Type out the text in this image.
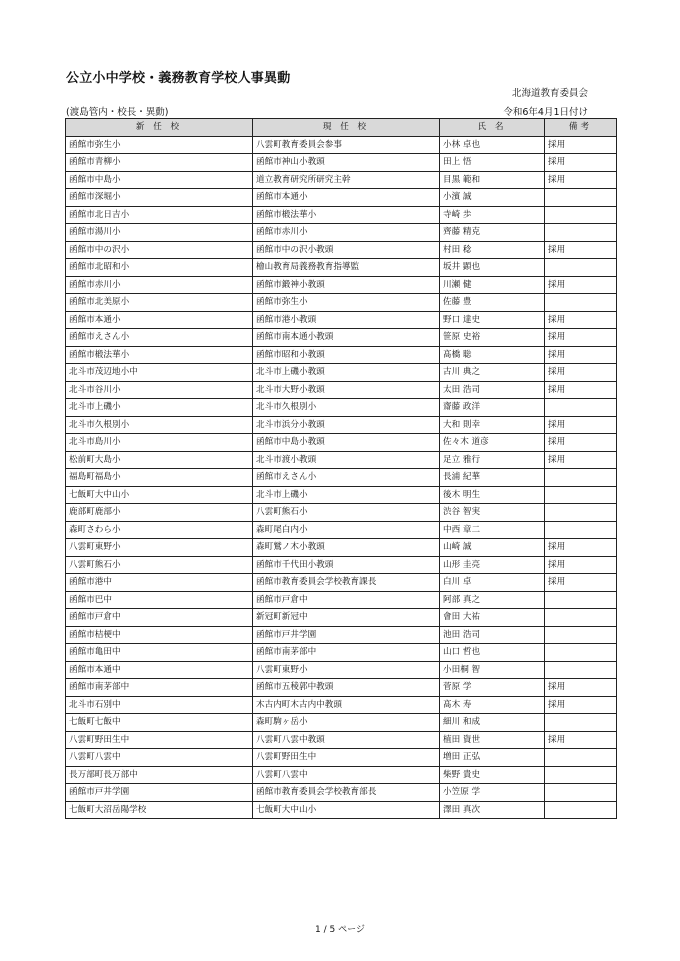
公立小中学校・義務教育学校人事異動
北海道教育委員会
(渡島管内・校長・異動)	令和6年4月1日付け
新 任 校	現 任 校	氏 名	備考
函館市弥生小	八雲町教育委員会参事	小林 卓也	採用
函館市青柳小	函館市神山小教頭	田上 悟	採用
函館市中島小	道立教育研究所研究主幹	目黒 範和	採用
函館市深堀小	函館市本通小	小濱 誠	
函館市北日吉小	函館市椴法華小	寺崎 歩	
函館市湯川小	函館市赤川小	齊藤 精克	
函館市中の沢小	函館市中の沢小教頭	村田 稔	採用
函館市北昭和小	檜山教育局義務教育指導監	坂井 顕也	
函館市赤川小	函館市鍛神小教頭	川瀬 健	採用
函館市北美原小	函館市弥生小	佐藤 豊	
函館市本通小	函館市港小教頭	野口 達史	採用
函館市えさん小	函館市南本通小教頭	笹原 史裕	採用
函館市椴法華小	函館市昭和小教頭	髙橋 聡	採用
北斗市茂辺地小中	北斗市上磯小教頭	古川 典之	採用
北斗市谷川小	北斗市大野小教頭	太田 浩司	採用
北斗市上磯小	北斗市久根別小	齋藤 政洋	
北斗市久根別小	北斗市浜分小教頭	大和 則幸	採用
北斗市島川小	函館市中島小教頭	佐々木 道彦	採用
松前町大島小	北斗市渡小教頭	足立 雅行	採用
福島町福島小	函館市えさん小	長浦 紀華	
七飯町大中山小	北斗市上磯小	後木 明生	
鹿部町鹿部小	八雲町熊石小	渋谷 智実	
森町さわら小	森町尾白内小	中西 章二	
八雲町東野小	森町鷲ノ木小教頭	山崎 誠	採用
八雲町熊石小	函館市千代田小教頭	山形 圭亮	採用
函館市港中	函館市教育委員会学校教育課長	白川 卓	採用
函館市巴中	函館市戸倉中	阿部 真之	
函館市戸倉中	新冠町新冠中	會田 大祐	
函館市桔梗中	函館市戸井学園	池田 浩司	
函館市亀田中	函館市南茅部中	山口 哲也	
函館市本通中	八雲町東野小	小田桐 智	
函館市南茅部中	函館市五稜郭中教頭	菅原 学	採用
北斗市石別中	木古内町木古内中教頭	髙木 寿	採用
七飯町七飯中	森町駒ヶ岳小	細川 和成	
八雲町野田生中	八雲町八雲中教頭	植田 資世	採用
八雲町八雲中	八雲町野田生中	増田 正弘	
長万部町長万部中	八雲町八雲中	柴野 貴史	
函館市戸井学園	函館市教育委員会学校教育部長	小笠原 学	
七飯町大沼岳陽学校	七飯町大中山小	澤田 真次	
1 / 5 ページ
